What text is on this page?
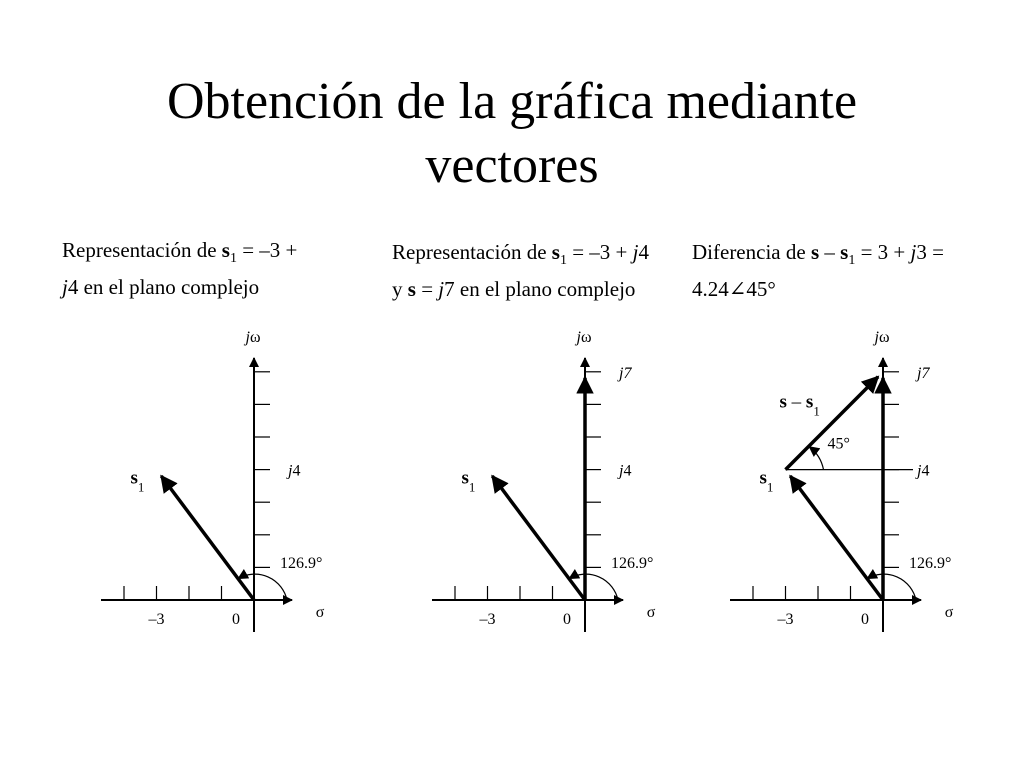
Obtención de la gráfica mediante
vectores

Representación de $s_1 = -3 + j4$ en el plano complejo

Representación de $s_1 = -3 + j4$ y s = j7 en el plano complejo

Diferencia de $s - s_1 = 3 + j3$ = 4.24∠45°

jω
σ
–3	0
j4
126.9°
$s_1$
jω
σ
–3	0
j4
j7
126.9°
$s_1$
jω
σ
–3	0
j4
j7
126.9°
$s_1$
s – $s_1$
45°
